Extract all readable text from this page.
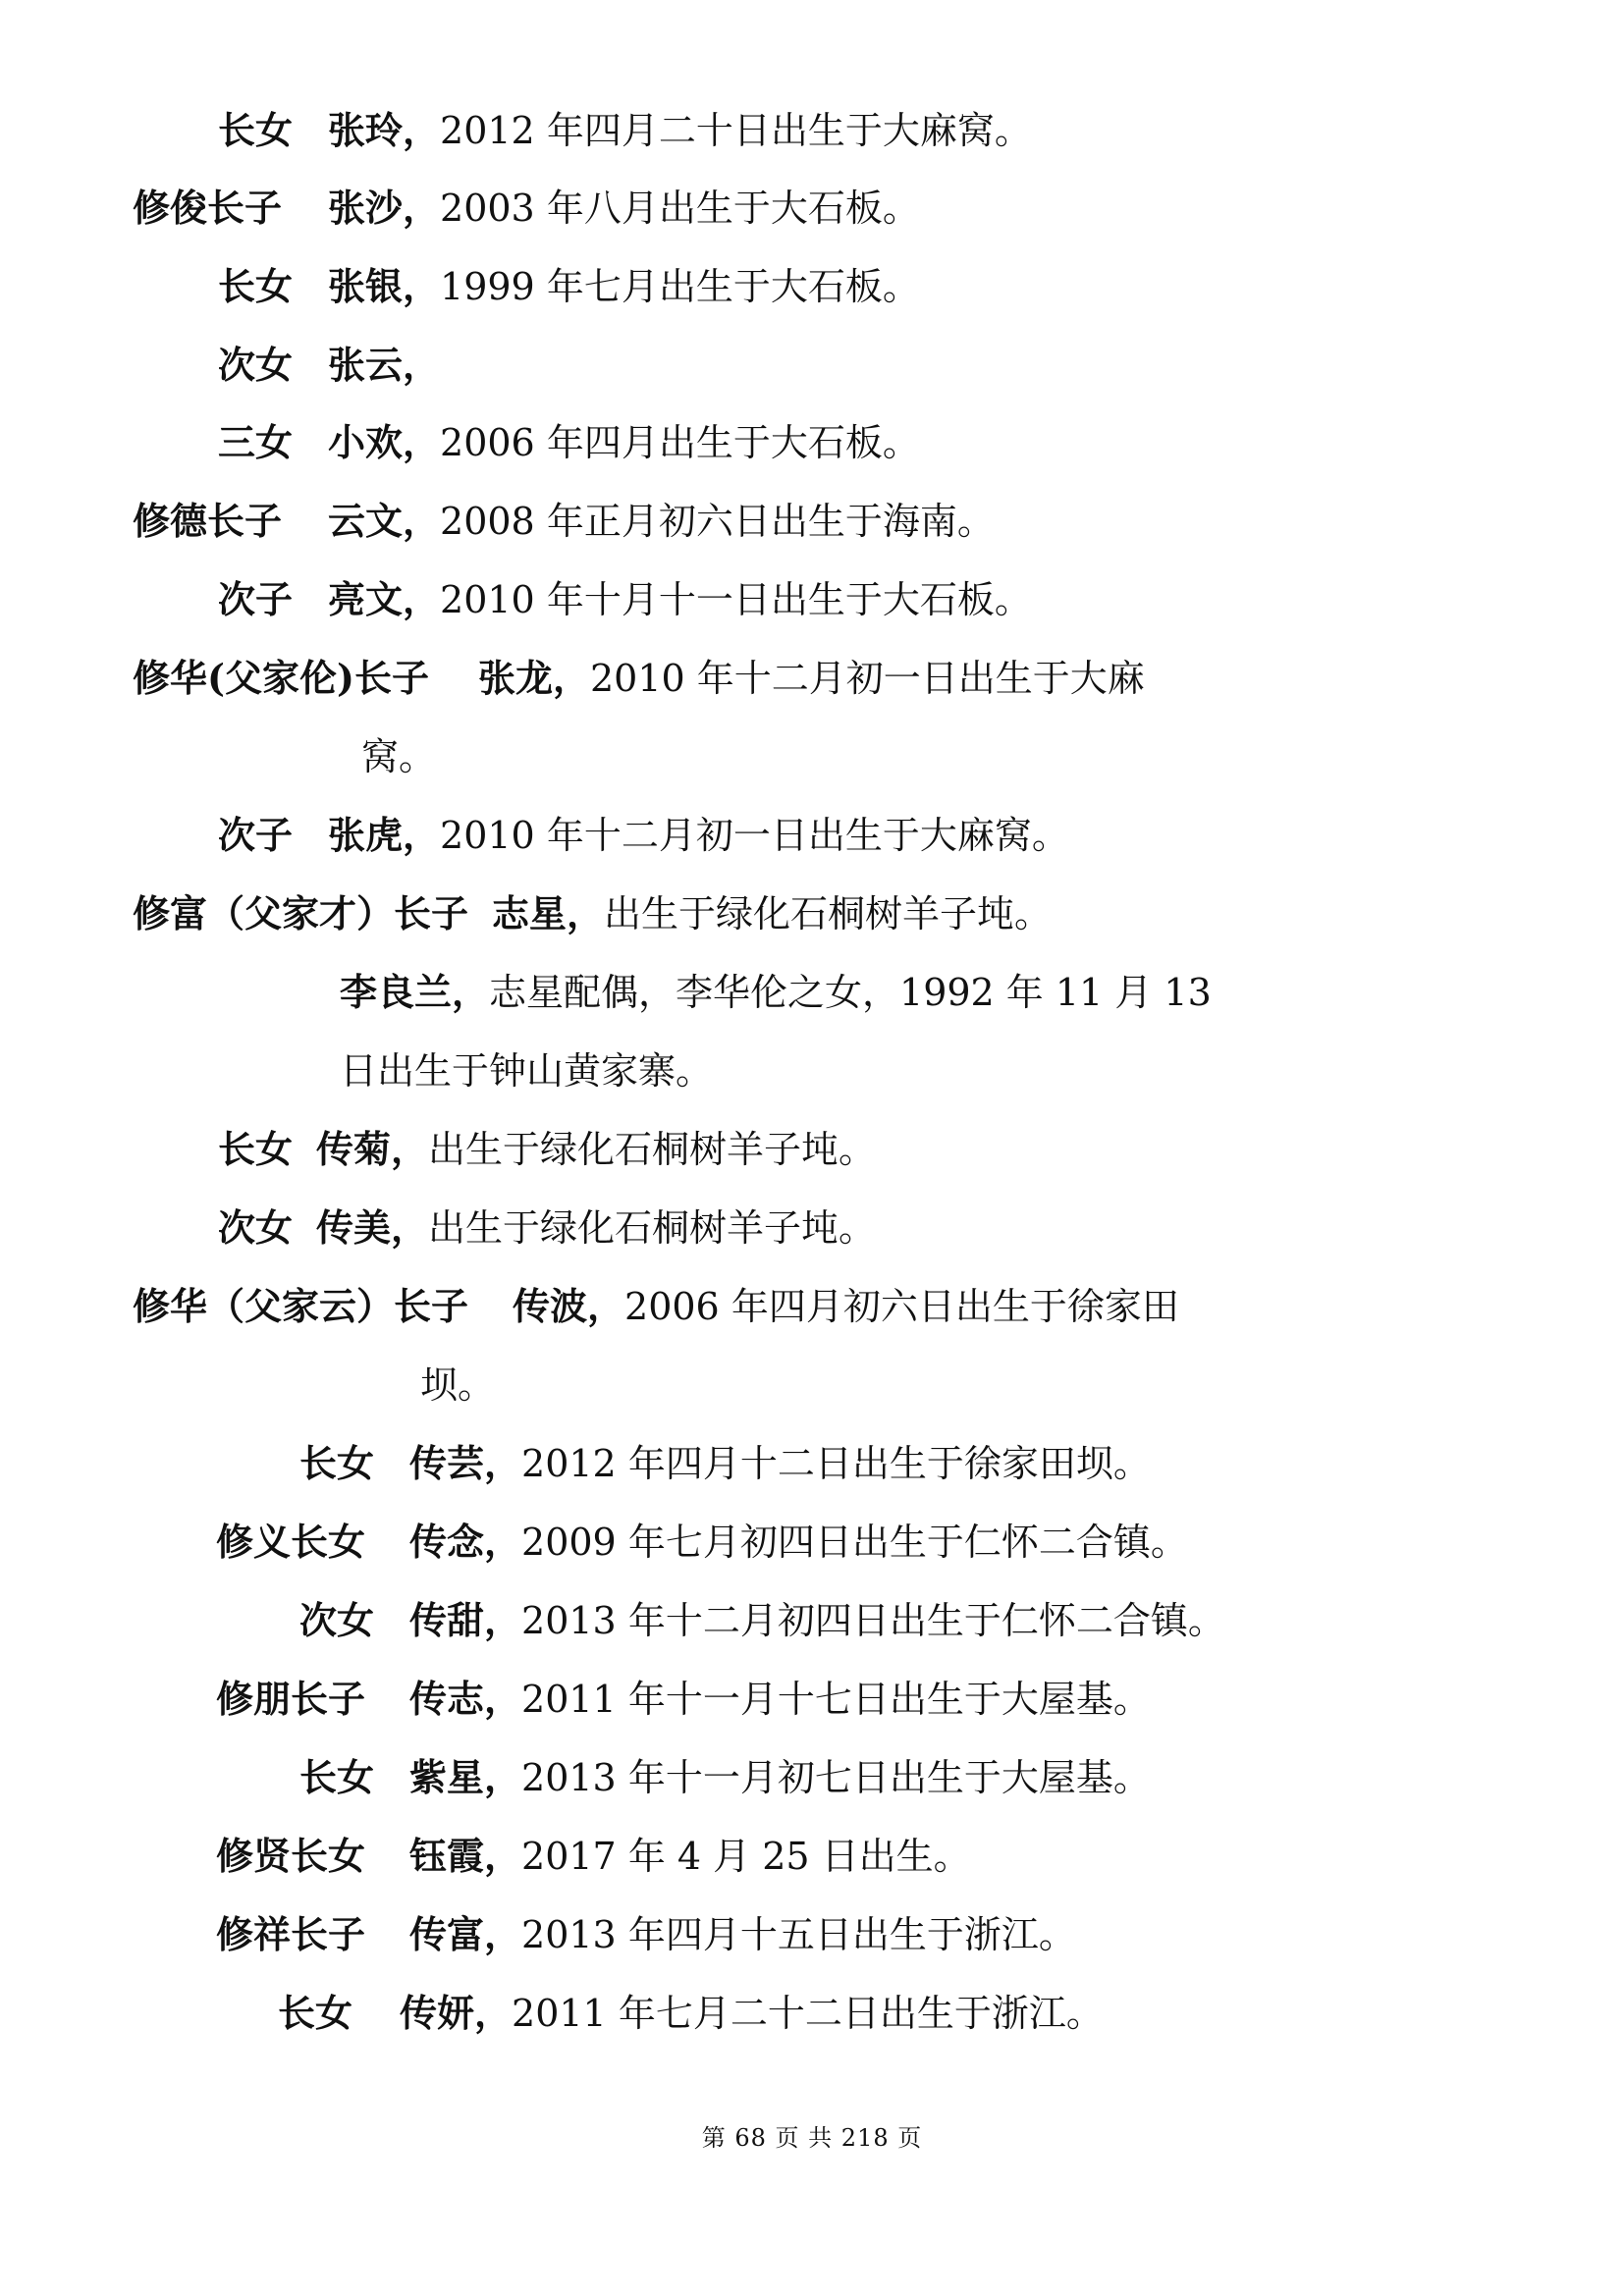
长女 张玲，2012 年四月二十日出生于大麻窝。
修俊长子 张沙，2003 年八月出生于大石板。
长女 张银，1999 年七月出生于大石板。
次女 张云，
三女 小欢，2006 年四月出生于大石板。
修德长子 云文，2008 年正月初六日出生于海南。
次子 亮文，2010 年十月十一日出生于大石板。
修华(父家伦)长子 张龙，2010 年十二月初一日出生于大麻
窝。
次子 张虎，2010 年十二月初一日出生于大麻窝。
修富（父家才）长子 志星，出生于绿化石桐树羊子坉。
李良兰，志星配偶，李华伦之女，1992 年 11 月 13
日出生于钟山黄家寨。
长女 传菊，出生于绿化石桐树羊子坉。
次女 传美，出生于绿化石桐树羊子坉。
修华（父家云）长子 传波，2006 年四月初六日出生于徐家田
坝。
长女 传芸，2012 年四月十二日出生于徐家田坝。
修义长女 传念，2009 年七月初四日出生于仁怀二合镇。
次女 传甜，2013 年十二月初四日出生于仁怀二合镇。
修朋长子 传志，2011 年十一月十七日出生于大屋基。
长女 紫星，2013 年十一月初七日出生于大屋基。
修贤长女 钰霞，2017 年 4 月 25 日出生。
修祥长子 传富，2013 年四月十五日出生于浙江。
长女 传妍，2011 年七月二十二日出生于浙江。
第 68 页 共 218 页
